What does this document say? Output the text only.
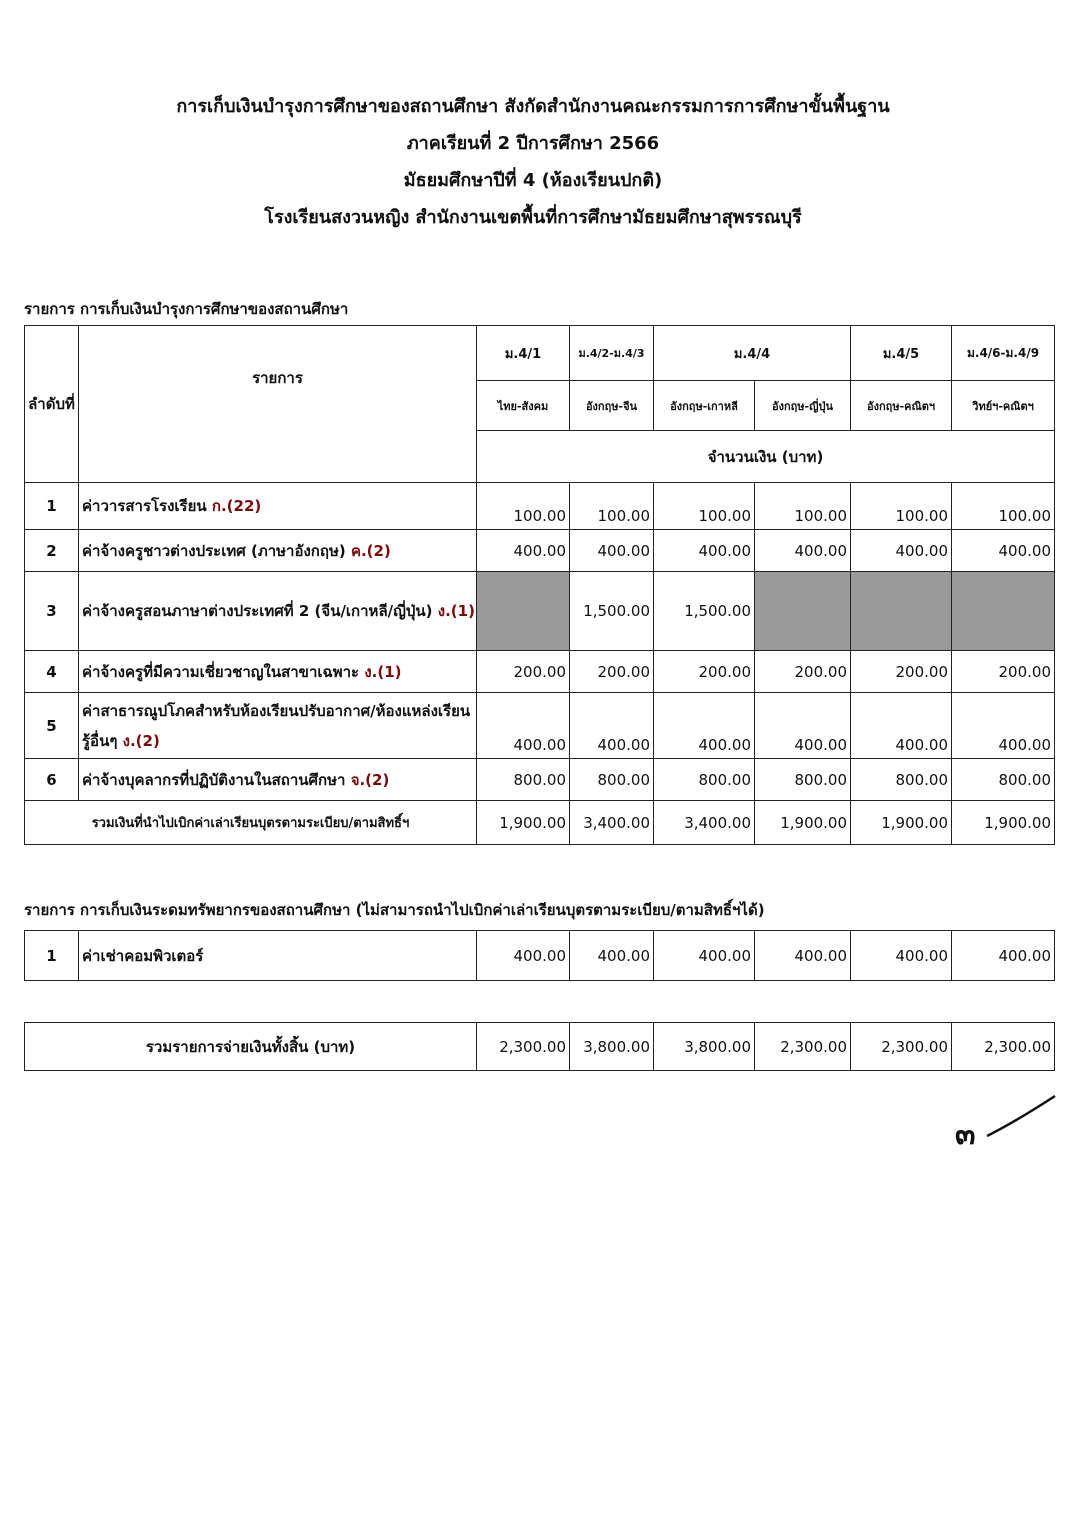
การเก็บเงินบำรุงการศึกษาของสถานศึกษา สังกัดสำนักงานคณะกรรมการการศึกษาขั้นพื้นฐาน
ภาคเรียนที่ 2 ปีการศึกษา 2566
มัธยมศึกษาปีที่ 4 (ห้องเรียนปกติ)
โรงเรียนสงวนหญิง สำนักงานเขตพื้นที่การศึกษามัธยมศึกษาสุพรรณบุรี
รายการ การเก็บเงินบำรุงการศึกษาของสถานศึกษา
ลำดับที่	รายการ	ม.4/1	ม.4/2-ม.4/3	ม.4/4		ม.4/5	ม.4/6-ม.4/9
		ไทย-สังคม	อังกฤษ-จีน	อังกฤษ-เกาหลี	อังกฤษ-ญี่ปุ่น	อังกฤษ-คณิตฯ	วิทย์ฯ-คณิตฯ
		จำนวนเงิน (บาท)					
1	ค่าวารสารโรงเรียน ก.(22)	100.00	100.00	100.00	100.00	100.00	100.00
2	ค่าจ้างครูชาวต่างประเทศ (ภาษาอังกฤษ) ค.(2)	400.00	400.00	400.00	400.00	400.00	400.00
3	ค่าจ้างครูสอนภาษาต่างประเทศที่ 2 (จีน/เกาหลี/ญี่ปุ่น) ง.(1)		1,500.00	1,500.00			
4	ค่าจ้างครูที่มีความเชี่ยวชาญในสาขาเฉพาะ ง.(1)	200.00	200.00	200.00	200.00	200.00	200.00
5	ค่าสาธารณูปโภคสำหรับห้องเรียนปรับอากาศ/ห้องแหล่งเรียนรู้อื่นๆ ง.(2)	400.00	400.00	400.00	400.00	400.00	400.00
6	ค่าจ้างบุคลากรที่ปฏิบัติงานในสถานศึกษา จ.(2)	800.00	800.00	800.00	800.00	800.00	800.00
รวมเงินที่นำไปเบิกค่าเล่าเรียนบุตรตามระเบียบ/ตามสิทธิ์ฯ		1,900.00	3,400.00	3,400.00	1,900.00	1,900.00	1,900.00
รายการ การเก็บเงินระดมทรัพยากรของสถานศึกษา (ไม่สามารถนำไปเบิกค่าเล่าเรียนบุตรตามระเบียบ/ตามสิทธิ์ฯได้)
1	ค่าเช่าคอมพิวเตอร์	400.00	400.00	400.00	400.00	400.00	400.00
รวมรายการจ่ายเงินทั้งสิ้น (บาท)	2,300.00	3,800.00	3,800.00	2,300.00	2,300.00	2,300.00
๓
